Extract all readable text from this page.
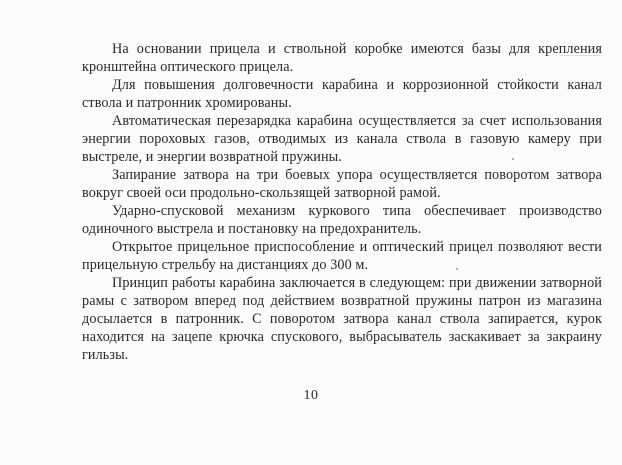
На основании прицела и ствольной коробке имеются базы для крепления кронштейна оптического прицела.

Для повышения долговечности карабина и коррозионной стойкости канал ствола и патронник хромированы.

Автоматическая перезарядка карабина осуществляется за счет использования энергии пороховых газов, отводимых из канала ствола в газовую камеру при выстреле, и энергии возвратной пружины.

Запирание затвора на три боевых упора осуществляется поворотом затвора вокруг своей оси продольно-скользящей затворной рамой.

Ударно-спусковой механизм куркового типа обеспечивает производство одиночного выстрела и постановку на предохранитель.

Открытое прицельное приспособление и оптический прицел позволяют вести прицельную стрельбу на дистанциях до 300 м.

Принцип работы карабина заключается в следующем: при движении затворной рамы с затвором вперед под действием возвратной пружины патрон из магазина досылается в патронник. С поворотом затвора канал ствола запирается, курок находится на зацепе крючка спускового, выбрасыватель заскакивает за закраину гильзы.

10
